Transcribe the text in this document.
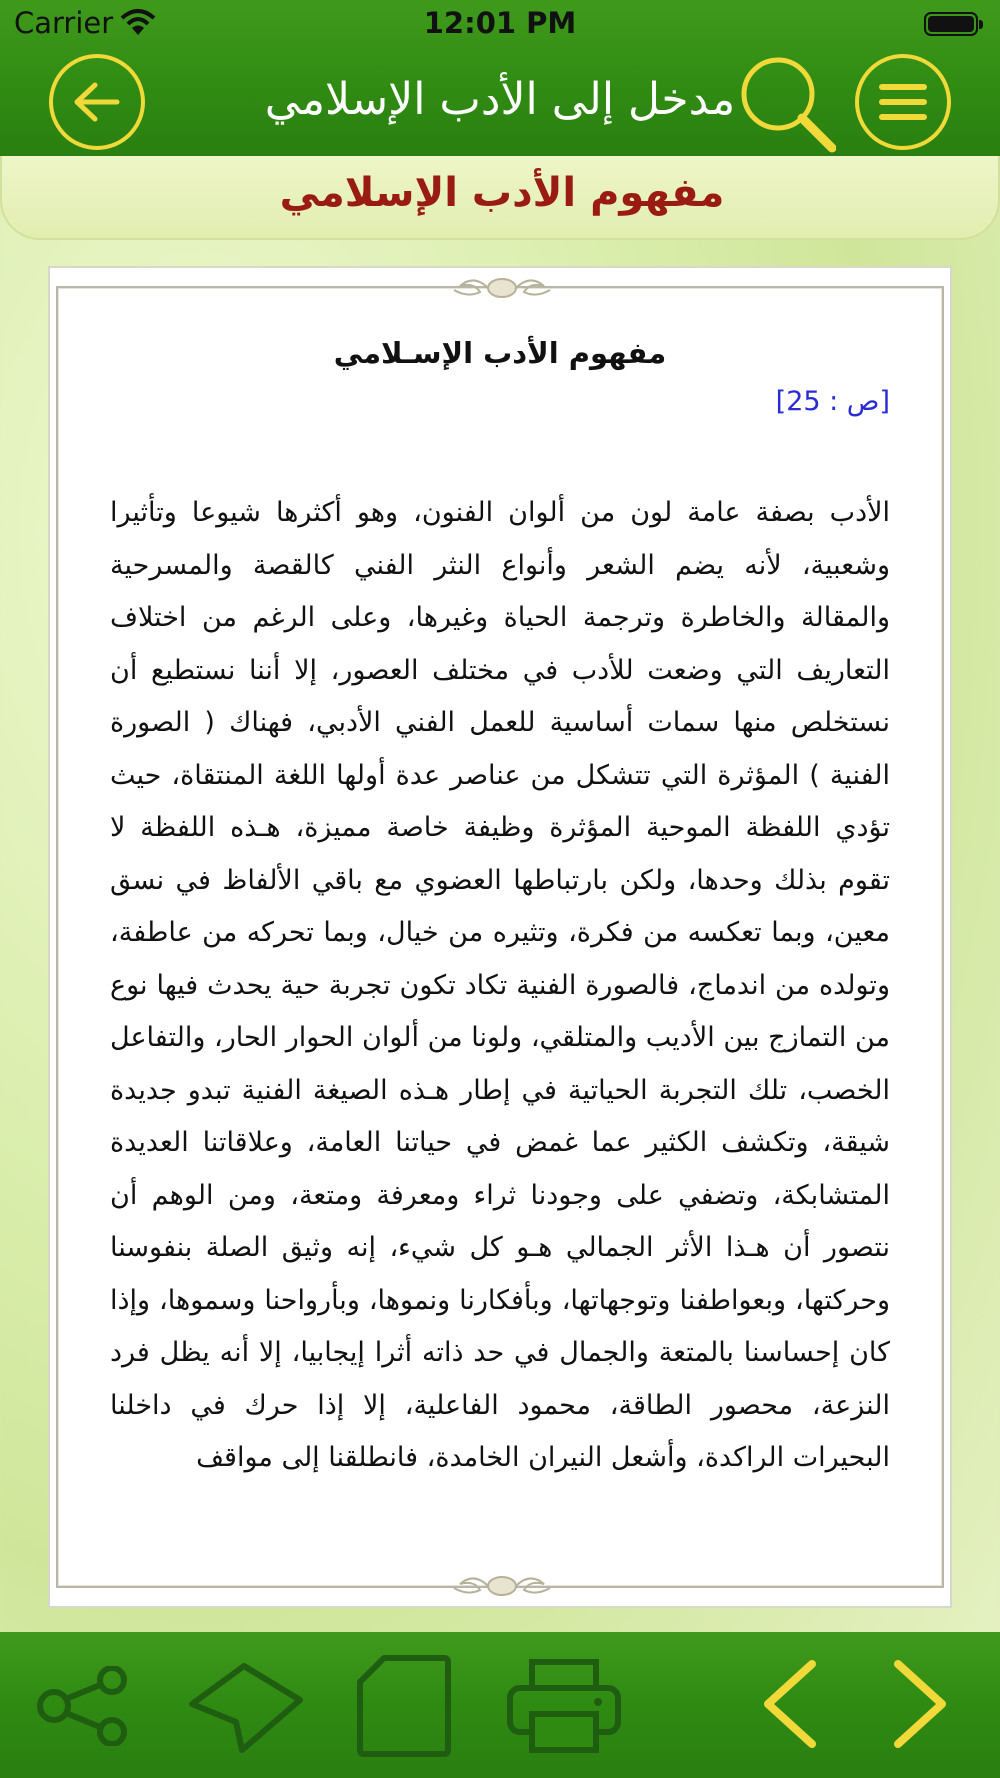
Carrier	12:01 PM
مدخل إلى الأدب الإسلامي
مفهوم الأدب الإسلامي
مفهوم الأدب الإسـلامي
[ص : 25]

الأدب بصفة عامة لون من ألوان الفنون، وهو أكثرها شيوعا وتأثيرا وشعبية، لأنه يضم الشعر وأنواع النثر الفني كالقصة والمسرحية والمقالة والخاطرة وترجمة الحياة وغيرها، وعلى الرغم من اختلاف التعاريف التي وضعت للأدب في مختلف العصور، إلا أننا نستطيع أن نستخلص منها سمات أساسية للعمل الفني الأدبي، فهناك ( الصورة الفنية ) المؤثرة التي تتشكل من عناصر عدة أولها اللغة المنتقاة، حيث تؤدي اللفظة الموحية المؤثرة وظيفة خاصة مميزة، هـذه اللفظة لا تقوم بذلك وحدها، ولكن بارتباطها العضوي مع باقي الألفاظ في نسق معين، وبما تعكسه من فكرة، وتثيره من خيال، وبما تحركه من عاطفة، وتولده من اندماج، فالصورة الفنية تكاد تكون تجربة حية يحدث فيها نوع من التمازج بين الأديب والمتلقي، ولونا من ألوان الحوار الحار، والتفاعل الخصب، تلك التجربة الحياتية في إطار هـذه الصيغة الفنية تبدو جديدة شيقة، وتكشف الكثير عما غمض في حياتنا العامة، وعلاقاتنا العديدة المتشابكة، وتضفي على وجودنا ثراء ومعرفة ومتعة، ومن الوهم أن نتصور أن هـذا الأثر الجمالي هـو كل شيء، إنه وثيق الصلة بنفوسنا وحركتها، وبعواطفنا وتوجهاتها، وبأفكارنا ونموها، وبأرواحنا وسموها، وإذا كان إحساسنا بالمتعة والجمال في حد ذاته أثرا إيجابيا، إلا أنه يظل فرد النزعة، محصور الطاقة، محمود الفاعلية، إلا إذا حرك في داخلنا البحيرات الراكدة، وأشعل النيران الخامدة، فانطلقنا إلى مواقف
